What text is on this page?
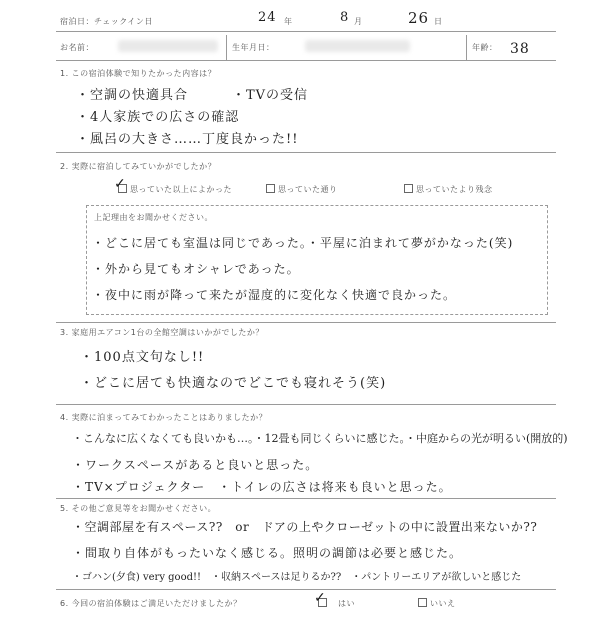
宿泊日：チェックイン日	24 年	8 月	26 日
お名前：	生年月日：	年齢： 38
1. この宿泊体験で知りたかった内容は？
・空調の快適具合	・TVの受信
・4人家族での広さの確認
・風呂の大きさ……丁度良かった!!
2. 実際に宿泊してみていかがでしたか？
✓ 思っていた以上によかった	思っていた通り	思っていたより残念
上記理由をお聞かせください。
・どこに居ても室温は同じであった。・平屋に泊まれて夢がかなった(笑)
・外から見てもオシャレであった。
・夜中に雨が降って来たが湿度的に変化なく快適で良かった。
3. 家庭用エアコン1台の全館空調はいかがでしたか？
・100点文句なし!!
・どこに居ても快適なのでどこでも寝れそう(笑)
4. 実際に泊まってみてわかったことはありましたか？
・こんなに広くなくても良いかも…。・12畳も同じくらいに感じた。・中庭からの光が明るい(開放的)
・ワークスペースがあると良いと思った。
・TV×プロジェクター　・トイレの広さは将来も良いと思った。
5. その他ご意見等をお聞かせください。
・空調部屋を有スペース??　or　ドアの上やクローゼットの中に設置出来ないか??
・間取り自体がもったいなく感じる。照明の調節は必要と感じた。
・ゴハン(夕食) very good!!　・収納スペースは足りるか??　・パントリーエリアが欲しいと感じた
6. 今回の宿泊体験はご満足いただけましたか？	✓ はい	いいえ
